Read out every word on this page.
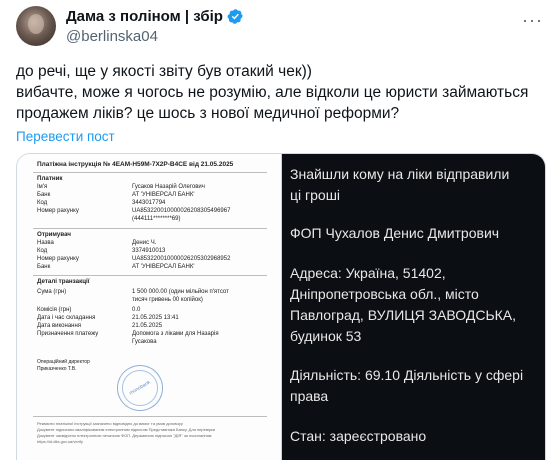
Дама з поліном | збір
@berlinska04
···

до речі, ще у якості звіту був отакий чек))

вибачте, може я чогось не розумію, але відколи це юристи займаються

продажем ліків? це шось з нової медичної реформи?

Перевести пост
Платіжна інструкція № 4EAM-H59M-7X2P-B4CE від 21.05.2025
Платник
Ім'я	Гусаков Назарій Олегович
Банк	АТ 'УНІВЕРСАЛ БАНК'
Код	3443017794
Номер рахунку	UA853220010000026208305496967
(444111********69)
Отримувач
Назва	Денис Ч.
Код	3374910013
Номер рахунку	UA853220010000026205302968952
Банк	АТ 'УНІВЕРСАЛ БАНК'
Деталі транзакції
Сума (грн)	1 500 000.00 (один мільйон п'ятсот
тисяч гривень 00 копійок)
Комісія (грн)	0.0
Дата і час складання	21.05.2025 13:41
Дата виконання	21.05.2025
Призначення платежу	Допомога з ліками для Назарія
Гусакова
Операційний директор
Приказченко Т.В.
monobank
Реквізити платіжної інструкції зазначено відповідно до вимог та умов договору
Документ підписано кваліфікованим електронним підписом Представника Банку. Для перевірки
Документ засвідчено електронною печаткою ФОП. Державною підписою "ДІЯ" за посиланням
https://id.diia.gov.ua/verify

Знайшли кому на ліки відправили

ці гроші

ФОП Чухалов Денис Дмитрович

Адреса: Україна, 51402,

Дніпропетровська обл., місто

Павлоград, ВУЛИЦЯ ЗАВОДСЬКА,

будинок 53

Діяльність: 69.10 Діяльність у сфері

права

Стан: зареєстровано
